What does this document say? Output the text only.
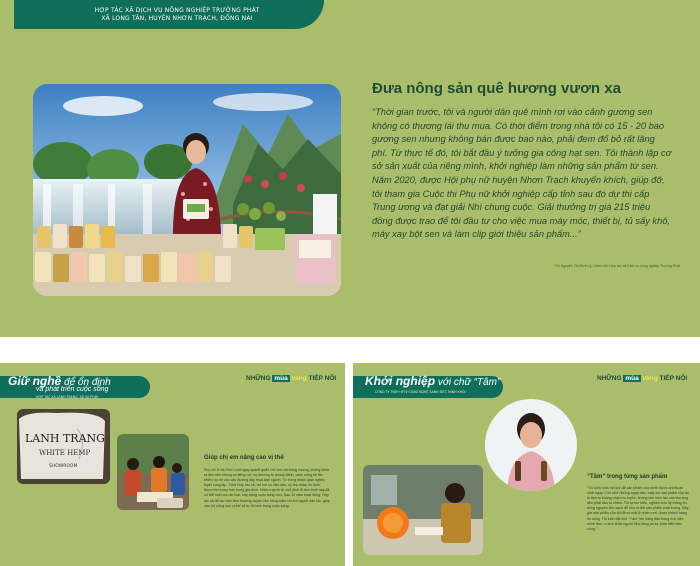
HỢP TÁC XÃ DỊCH VỤ NÔNG NGHIỆP TRƯỜNG PHÁT
XÃ LONG TÂN, HUYỆN NHƠN TRẠCH, ĐỒNG NAI
Đưa nông sản quê hương vươn xa

“Thời gian trước, tôi và người dân quê mình rơi vào cảnh gương sen không có thương lái thu mua. Có thời điểm trong nhà tôi có 15 - 20 bao gương sen nhưng không bán được bao nào, phải đem đổ bỏ rất lãng phí. Từ thực tế đó, tôi bắt đầu ý tưởng gia công hạt sen. Tôi thành lập cơ sở sản xuất của riêng mình, khởi nghiệp làm những sản phẩm từ sen. Năm 2020, được Hội phụ nữ huyện Nhơn Trạch khuyến khích, giúp đỡ, tôi tham gia Cuộc thi Phụ nữ khởi nghiệp cấp tỉnh sau đó dự thi cấp Trung ương và đạt giải Nhì chung cuộc. Giải thưởng trị giá 215 triệu đồng được trao để tôi đầu tư cho việc mua máy móc, thiết bị, tủ sấy khô, máy xay bột sen và làm clip giới thiệu sản phẩm...”

Chị Nguyễn Thị Bích Lý, Giám đốc Hợp tác xã Dịch vụ nông nghiệp Trường Phát
Giữ nghề để ổn định
và phát triển cuộc sống
HỢP TÁC XÃ LANH TRANG, XÃ SA PHIN
NHỮNG mùa vàng TIẾP NỐI
LANH TRANG
WHITE HEMP
SHOWROOM
Giúp chị em nâng cao vị thế

Phụ nữ ở Sà Phìn cuối ngày quanh quẩn với con cái trong nương, không kiếm ra tiền nên không có tiếng nói, họ thường bị chồng đánh, cuộc sống bế tắc khiến họ rơi vào các đường dây mua bán người. Từ trong muôn gian nghèo tuyệt vọng ấy... Nhờ Hợp tác xã, chị em có việc làm, có thu nhập ổn định, được tôn trọng hơn trong gia đình. Nhiều người từ chỗ phải đi làm thuê nay đã có thể nuôi con ăn học, xây dựng cuộc sống mới. Sau 10 năm hoạt động, Hợp tác xã đã tạo việc làm thường xuyên cho hàng trăm chị em người dân tộc, giúp các chị nâng cao vị thế và tự tin hơn trong cuộc sống.

Khởi nghiệp với chữ “Tâm”
CÔNG TY TNHH MTV CÔNG NGHỆ XANH ĐỨC MINH KHÔI
NHỮNG mùa vàng TIẾP NỐI
“Tâm” trong từng sản phẩm

“Tôi luôn luôn nói lực để sản phẩm của mình được chị thuận nhất ngày. Còn nhớ những ngày đầu, mấy xíu sản phẩm của tôi bị làm ra không nhận ưu tuyên, không làm kinh tạo các chương đều phải đầu tư nhiều. Tôi tự tìm hiểu, nghiên cứu kỹ thông tin, dùng nguyên liệu sạch để cho ra đời sản phẩm chất lượng. Bây giờ sản phẩm của tôi đã có mặt ở nhiều nơi, được khách hàng tin dùng. Tôi luôn đặt chữ “Tâm” lên hàng đầu trong mọi việc mình làm, vì sức khỏe người tiêu dùng và sự phát triển bền vững.”
